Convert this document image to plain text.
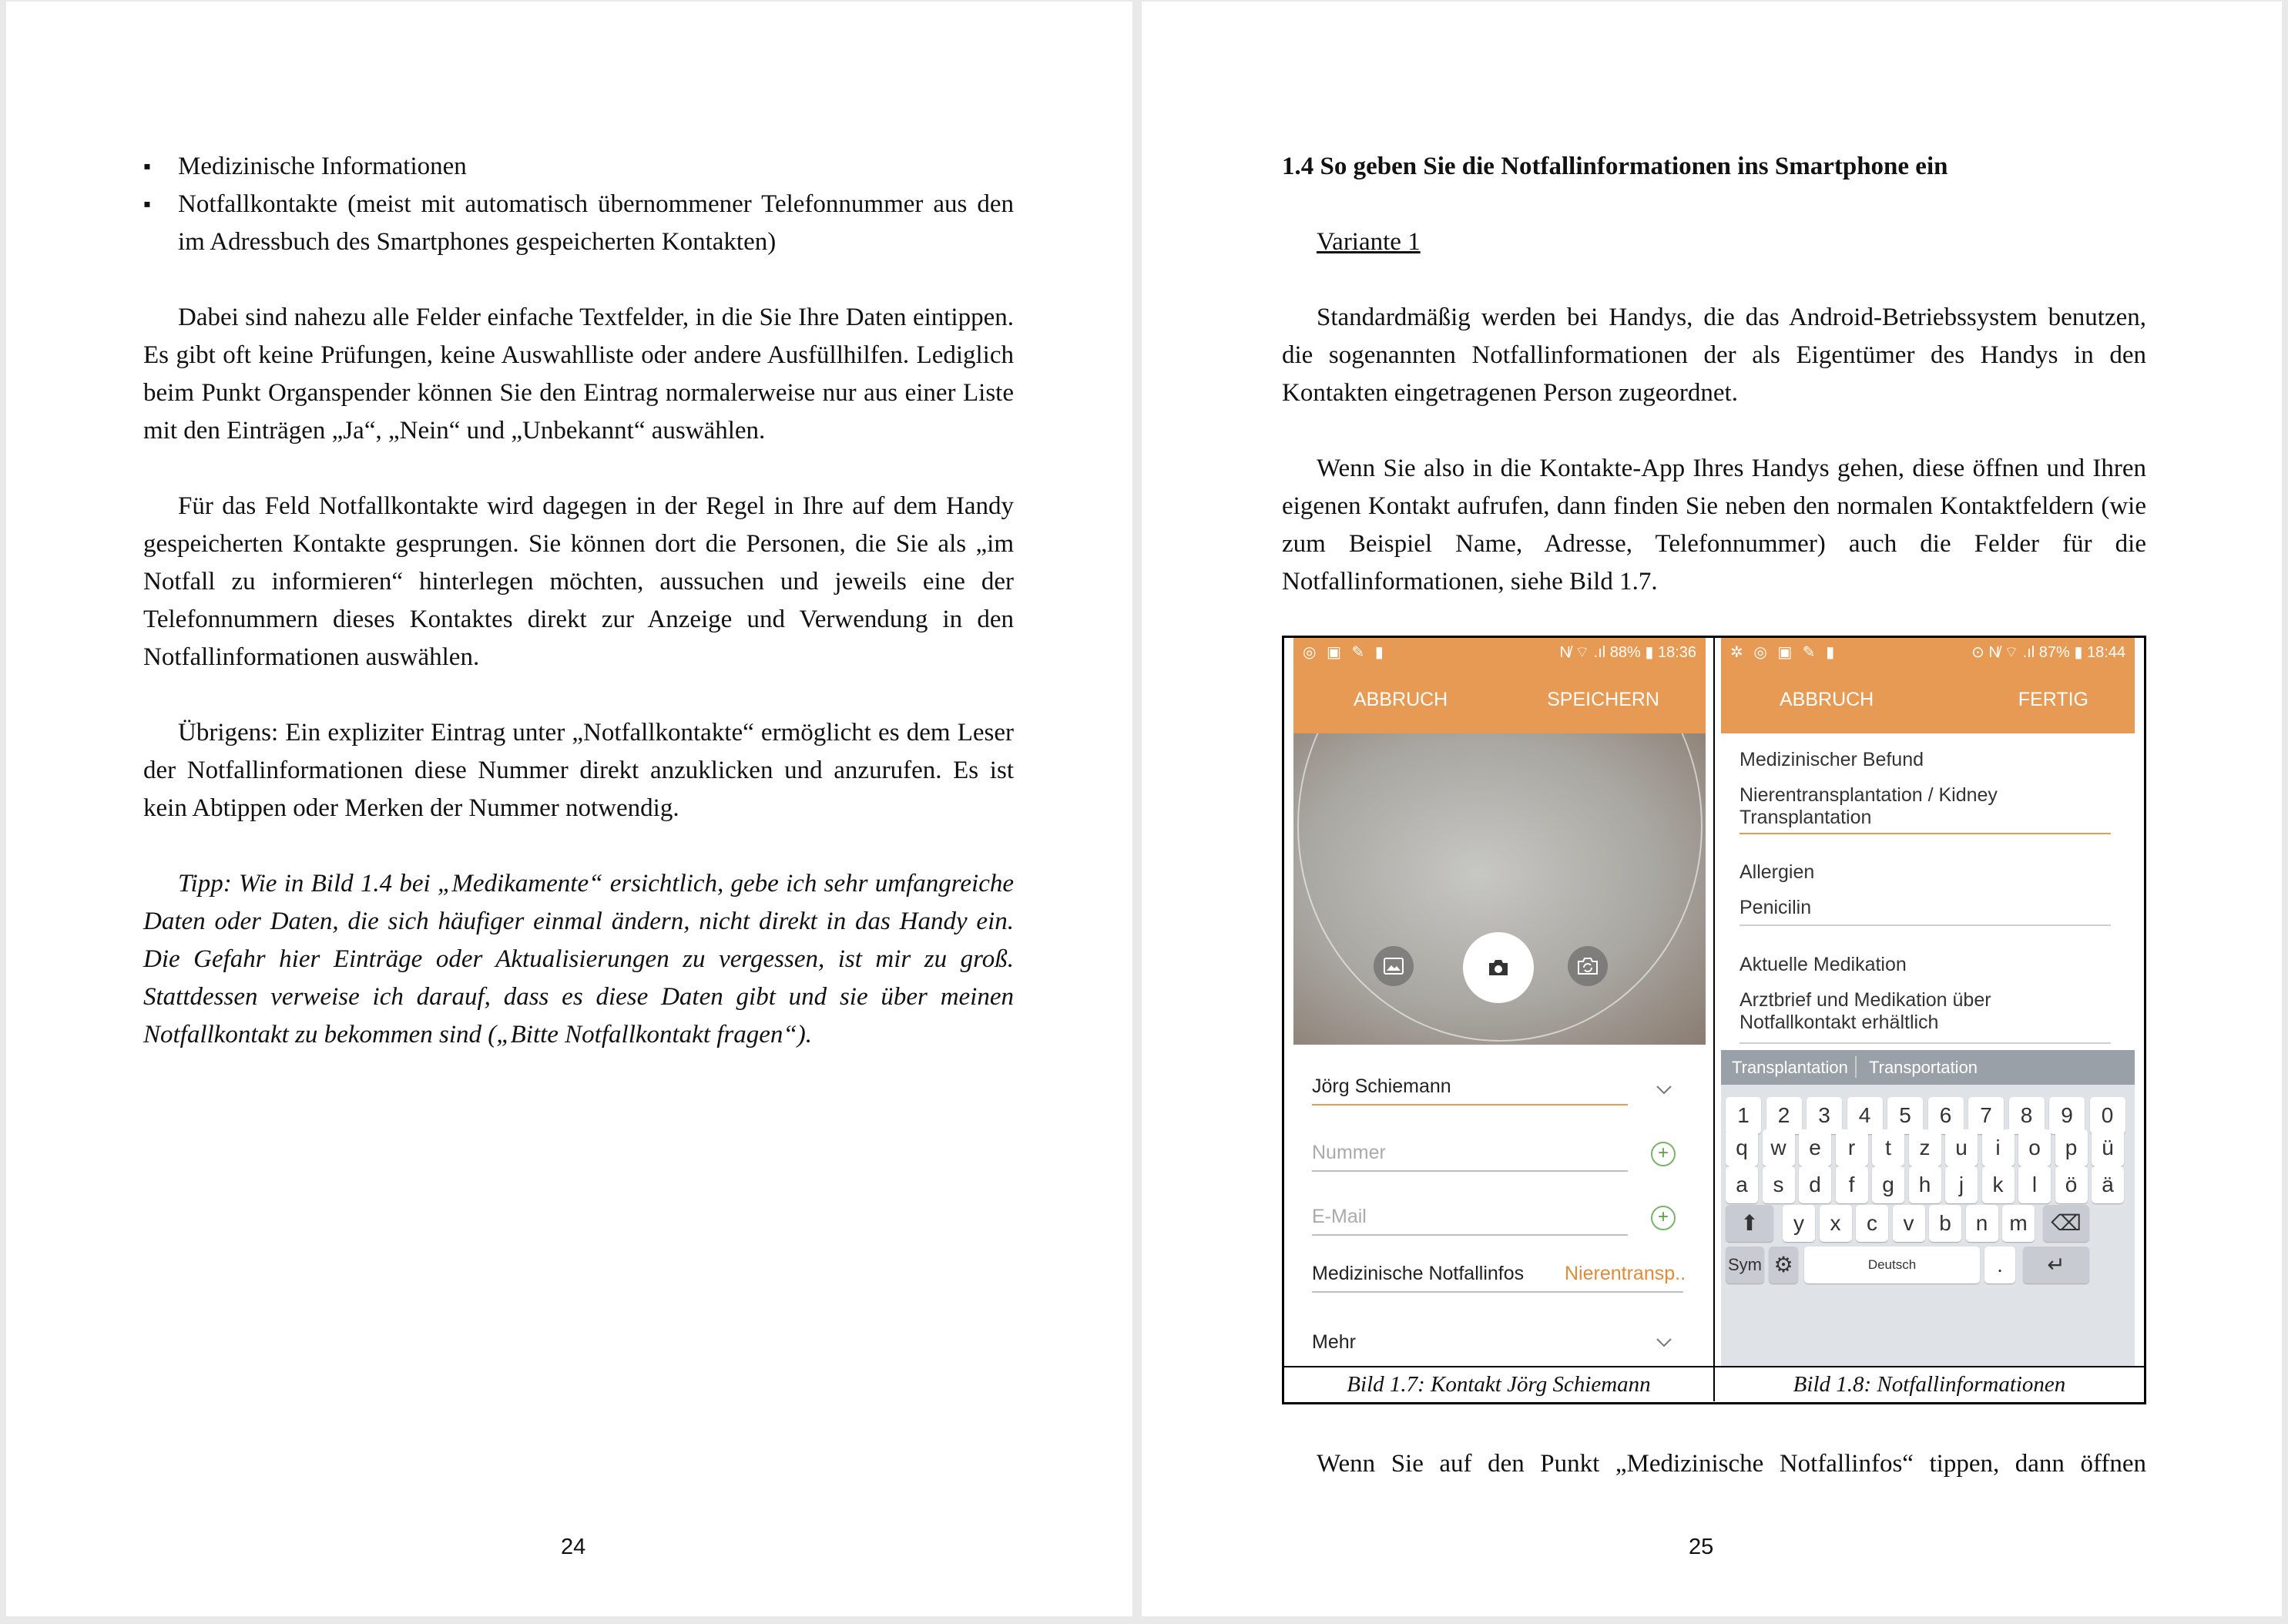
▪ Medizinische Informationen
▪ Notfallkontakte (meist mit automatisch übernommener Telefonnummer aus den im Adressbuch des Smartphones gespeicherten Kontakten)

Dabei sind nahezu alle Felder einfache Textfelder, in die Sie Ihre Daten eintippen. Es gibt oft keine Prüfungen, keine Auswahlliste oder andere Ausfüllhilfen. Lediglich beim Punkt Organspender können Sie den Eintrag normalerweise nur aus einer Liste mit den Einträgen „Ja“, „Nein“ und „Unbekannt“ auswählen.

Für das Feld Notfallkontakte wird dagegen in der Regel in Ihre auf dem Handy gespeicherten Kontakte gesprungen. Sie können dort die Personen, die Sie als „im Notfall zu informieren“ hinterlegen möchten, aussuchen und jeweils eine der Telefonnummern dieses Kontaktes direkt zur Anzeige und Verwendung in den Notfallinformationen auswählen.

Übrigens: Ein expliziter Eintrag unter „Notfallkontakte“ ermöglicht es dem Leser der Notfallinformationen diese Nummer direkt anzuklicken und anzurufen. Es ist kein Abtippen oder Merken der Nummer notwendig.

Tipp: Wie in Bild 1.4 bei „Medikamente“ ersichtlich, gebe ich sehr umfangreiche Daten oder Daten, die sich häufiger einmal ändern, nicht direkt in das Handy ein. Die Gefahr hier Einträge oder Aktualisierungen zu vergessen, ist mir zu groß. Stattdessen verweise ich darauf, dass es diese Daten gibt und sie über meinen Notfallkontakt zu bekommen sind („Bitte Notfallkontakt fragen“).

24

1.4 So geben Sie die Notfallinformationen ins Smartphone ein

Variante 1

Standardmäßig werden bei Handys, die das Android-Betriebssystem benutzen, die sogenannten Notfallinformationen der als Eigentümer des Handys in den Kontakten eingetragenen Person zugeordnet.

Wenn Sie also in die Kontakte-App Ihres Handys gehen, diese öffnen und Ihren eigenen Kontakt aufrufen, dann finden Sie neben den normalen Kontaktfeldern (wie zum Beispiel Name, Adresse, Telefonnummer) auch die Felder für die Notfallinformationen, siehe Bild 1.7.

◎ ▣ ✎ ▮	N̸ ⌔ .ıl 88% ▮ 18:36
ABBRUCH	SPEICHERN
Jörg Schiemann
Nummer	+
E-Mail	+
Medizinische Notfallinfos	Nierentransp..
Mehr
✲ ◎ ▣ ✎ ▮	⊙ N̸ ⌔ .ıl 87% ▮ 18:44
ABBRUCH	FERTIG
Medizinischer Befund
Nierentransplantation / Kidney Transplantation
Allergien
Penicilin
Aktuelle Medikation
Arztbrief und Medikation über Notfallkontakt erhältlich
Transplantation Transportation
1	2	3	4	5	6	7	8	9	0
q	w	e	r	t	z	u	i	o	p	ü
a	s	d	f	g	h	j	k	l	ö	ä
⬆	y	x	c	v	b	n	m	⌫
Sym ⚙	Deutsch	.	↵
Bild 1.7: Kontakt Jörg Schiemann	Bild 1.8: Notfallinformationen

Wenn Sie auf den Punkt „Medizinische Notfallinfos“ tippen, dann öffnen

25
